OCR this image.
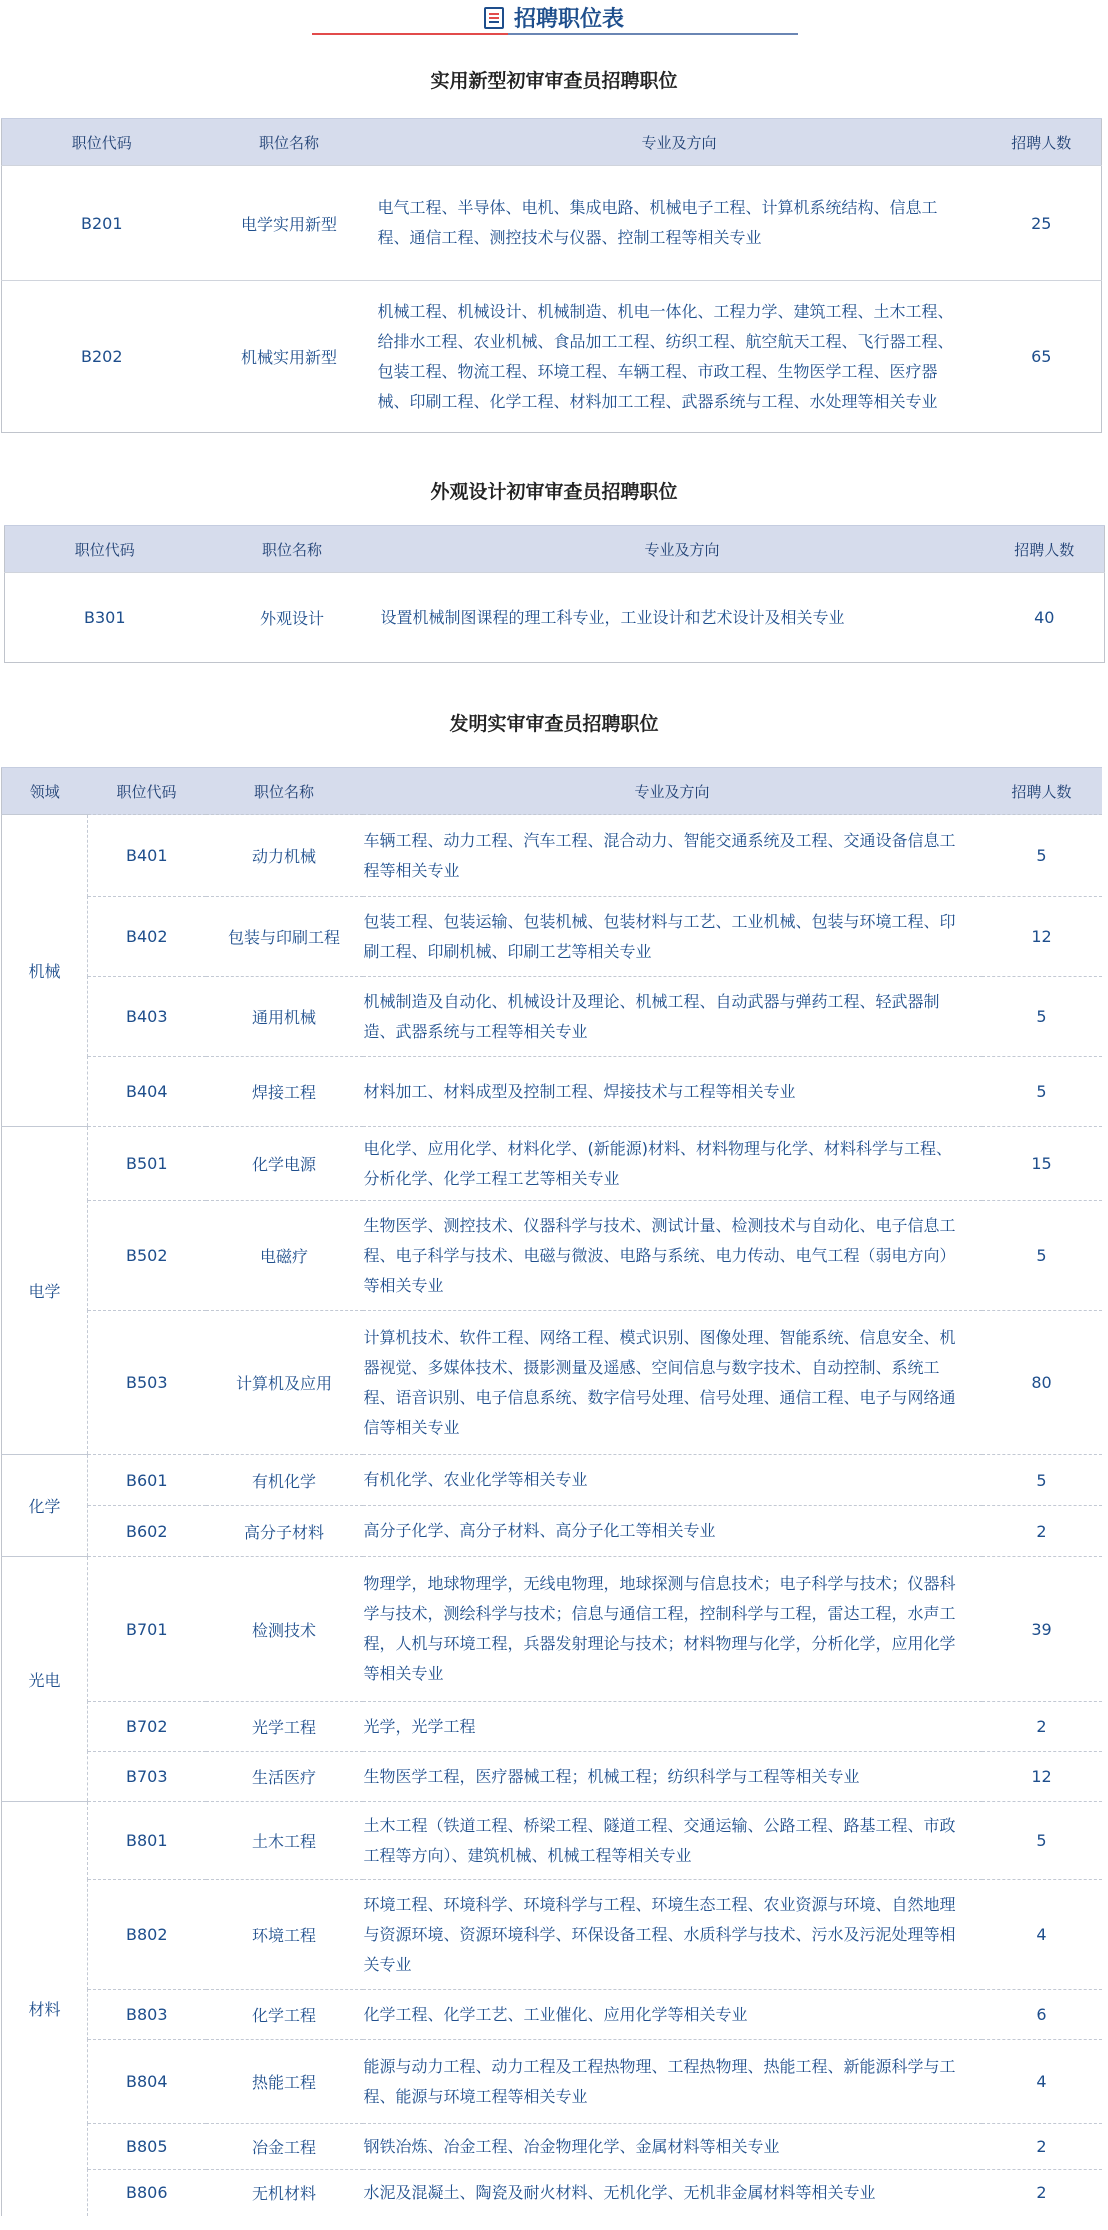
招聘职位表
实用新型初审审查员招聘职位
职位代码	职位名称	专业及方向	招聘人数
B201	电学实用新型	电气工程、半导体、电机、集成电路、机械电子工程、计算机系统结构、信息工程、通信工程、测控技术与仪器、控制工程等相关专业	25
B202	机械实用新型	机械工程、机械设计、机械制造、机电一体化、工程力学、建筑工程、土木工程、给排水工程、农业机械、食品加工工程、纺织工程、航空航天工程、飞行器工程、包装工程、物流工程、环境工程、车辆工程、市政工程、生物医学工程、医疗器械、印刷工程、化学工程、材料加工工程、武器系统与工程、水处理等相关专业	65
外观设计初审审查员招聘职位
职位代码	职位名称	专业及方向	招聘人数
B301	外观设计	设置机械制图课程的理工科专业，工业设计和艺术设计及相关专业	40
发明实审审查员招聘职位
领域	职位代码	职位名称	专业及方向	招聘人数
机械	B401	动力机械	车辆工程、动力工程、汽车工程、混合动力、智能交通系统及工程、交通设备信息工程等相关专业	5
	B402	包装与印刷工程	包装工程、包装运输、包装机械、包装材料与工艺、工业机械、包装与环境工程、印刷工程、印刷机械、印刷工艺等相关专业	12
	B403	通用机械	机械制造及自动化、机械设计及理论、机械工程、自动武器与弹药工程、轻武器制造、武器系统与工程等相关专业	5
	B404	焊接工程	材料加工、材料成型及控制工程、焊接技术与工程等相关专业	5
电学	B501	化学电源	电化学、应用化学、材料化学、(新能源)材料、材料物理与化学、材料科学与工程、分析化学、化学工程工艺等相关专业	15
	B502	电磁疗	生物医学、测控技术、仪器科学与技术、测试计量、检测技术与自动化、电子信息工程、电子科学与技术、电磁与微波、电路与系统、电力传动、电气工程（弱电方向）等相关专业	5
	B503	计算机及应用	计算机技术、软件工程、网络工程、模式识别、图像处理、智能系统、信息安全、机器视觉、多媒体技术、摄影测量及遥感、空间信息与数字技术、自动控制、系统工程、语音识别、电子信息系统、数字信号处理、信号处理、通信工程、电子与网络通信等相关专业	80
化学	B601	有机化学	有机化学、农业化学等相关专业	5
	B602	高分子材料	高分子化学、高分子材料、高分子化工等相关专业	2
光电	B701	检测技术	物理学，地球物理学，无线电物理，地球探测与信息技术；电子科学与技术；仪器科学与技术，测绘科学与技术；信息与通信工程，控制科学与工程，雷达工程，水声工程，人机与环境工程，兵器发射理论与技术；材料物理与化学，分析化学，应用化学等相关专业	39
	B702	光学工程	光学，光学工程	2
	B703	生活医疗	生物医学工程，医疗器械工程；机械工程；纺织科学与工程等相关专业	12
材料	B801	土木工程	土木工程（铁道工程、桥梁工程、隧道工程、交通运输、公路工程、路基工程、市政工程等方向）、建筑机械、机械工程等相关专业	5
	B802	环境工程	环境工程、环境科学、环境科学与工程、环境生态工程、农业资源与环境、自然地理与资源环境、资源环境科学、环保设备工程、水质科学与技术、污水及污泥处理等相关专业	4
	B803	化学工程	化学工程、化学工艺、工业催化、应用化学等相关专业	6
	B804	热能工程	能源与动力工程、动力工程及工程热物理、工程热物理、热能工程、新能源科学与工程、能源与环境工程等相关专业	4
	B805	冶金工程	钢铁冶炼、冶金工程、冶金物理化学、金属材料等相关专业	2
	B806	无机材料	水泥及混凝土、陶瓷及耐火材料、无机化学、无机非金属材料等相关专业	2
